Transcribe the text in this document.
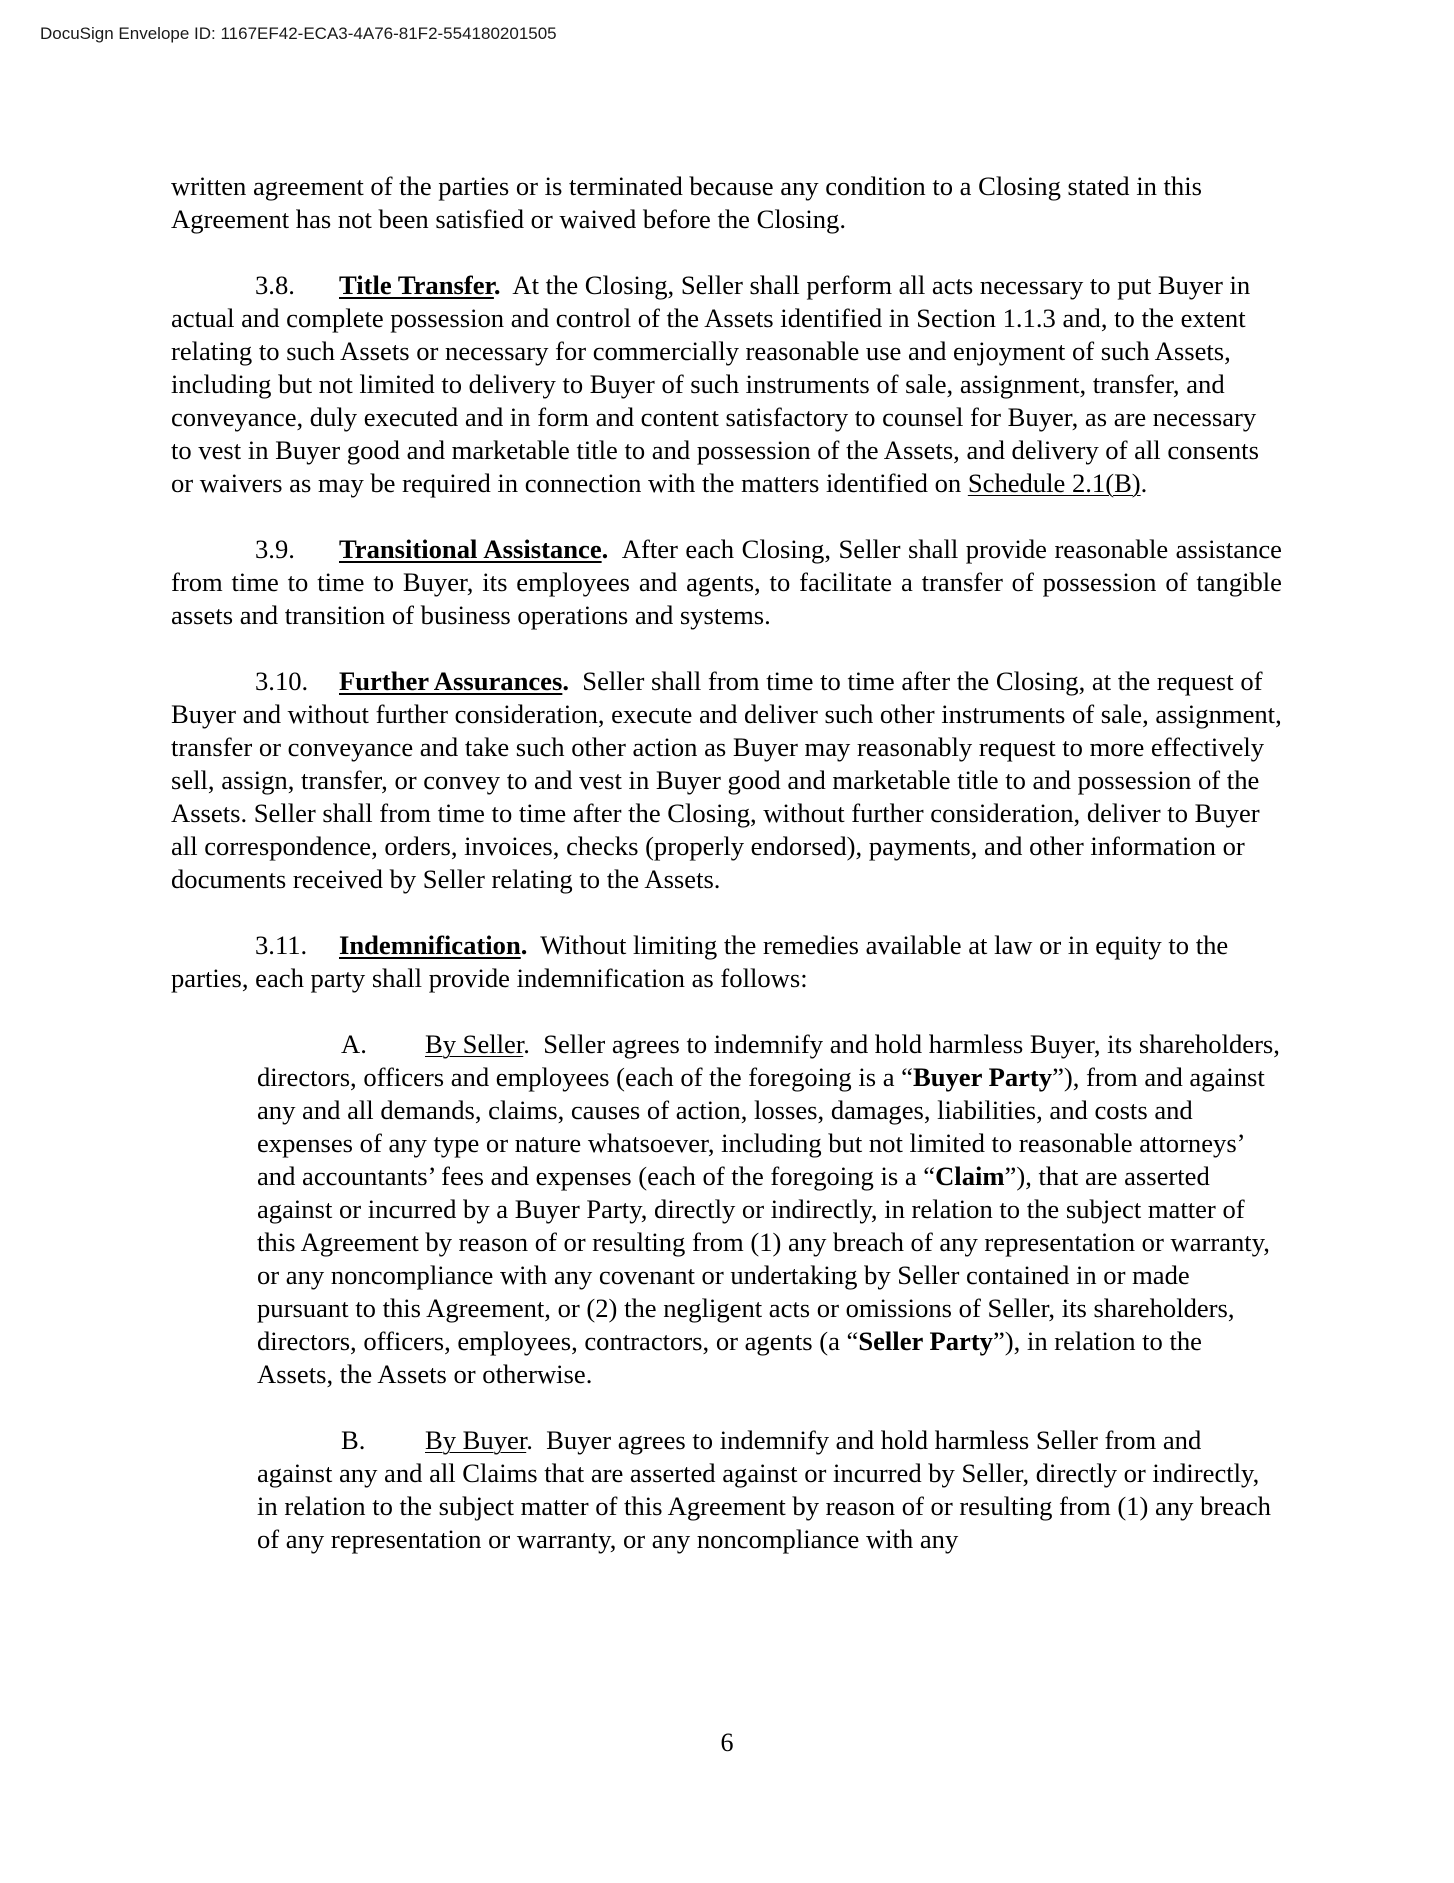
DocuSign Envelope ID: 1167EF42-ECA3-4A76-81F2-554180201505

written agreement of the parties or is terminated because any condition to a Closing stated in this Agreement has not been satisfied or waived before the Closing.

3.8. Title Transfer. At the Closing, Seller shall perform all acts necessary to put Buyer in actual and complete possession and control of the Assets identified in Section 1.1.3 and, to the extent relating to such Assets or necessary for commercially reasonable use and enjoyment of such Assets, including but not limited to delivery to Buyer of such instruments of sale, assignment, transfer, and conveyance, duly executed and in form and content satisfactory to counsel for Buyer, as are necessary to vest in Buyer good and marketable title to and possession of the Assets, and delivery of all consents or waivers as may be required in connection with the matters identified on Schedule 2.1(B).

3.9. Transitional Assistance. After each Closing, Seller shall provide reasonable assistance from time to time to Buyer, its employees and agents, to facilitate a transfer of possession of tangible assets and transition of business operations and systems.

3.10. Further Assurances. Seller shall from time to time after the Closing, at the request of Buyer and without further consideration, execute and deliver such other instruments of sale, assignment, transfer or conveyance and take such other action as Buyer may reasonably request to more effectively sell, assign, transfer, or convey to and vest in Buyer good and marketable title to and possession of the Assets. Seller shall from time to time after the Closing, without further consideration, deliver to Buyer all correspondence, orders, invoices, checks (properly endorsed), payments, and other information or documents received by Seller relating to the Assets.

3.11. Indemnification. Without limiting the remedies available at law or in equity to the parties, each party shall provide indemnification as follows:

A. By Seller. Seller agrees to indemnify and hold harmless Buyer, its shareholders, directors, officers and employees (each of the foregoing is a “Buyer Party”), from and against any and all demands, claims, causes of action, losses, damages, liabilities, and costs and expenses of any type or nature whatsoever, including but not limited to reasonable attorneys’ and accountants’ fees and expenses (each of the foregoing is a “Claim”), that are asserted against or incurred by a Buyer Party, directly or indirectly, in relation to the subject matter of this Agreement by reason of or resulting from (1) any breach of any representation or warranty, or any noncompliance with any covenant or undertaking by Seller contained in or made pursuant to this Agreement, or (2) the negligent acts or omissions of Seller, its shareholders, directors, officers, employees, contractors, or agents (a “Seller Party”), in relation to the Assets, the Assets or otherwise.

B. By Buyer. Buyer agrees to indemnify and hold harmless Seller from and against any and all Claims that are asserted against or incurred by Seller, directly or indirectly, in relation to the subject matter of this Agreement by reason of or resulting from (1) any breach of any representation or warranty, or any noncompliance with any

6
